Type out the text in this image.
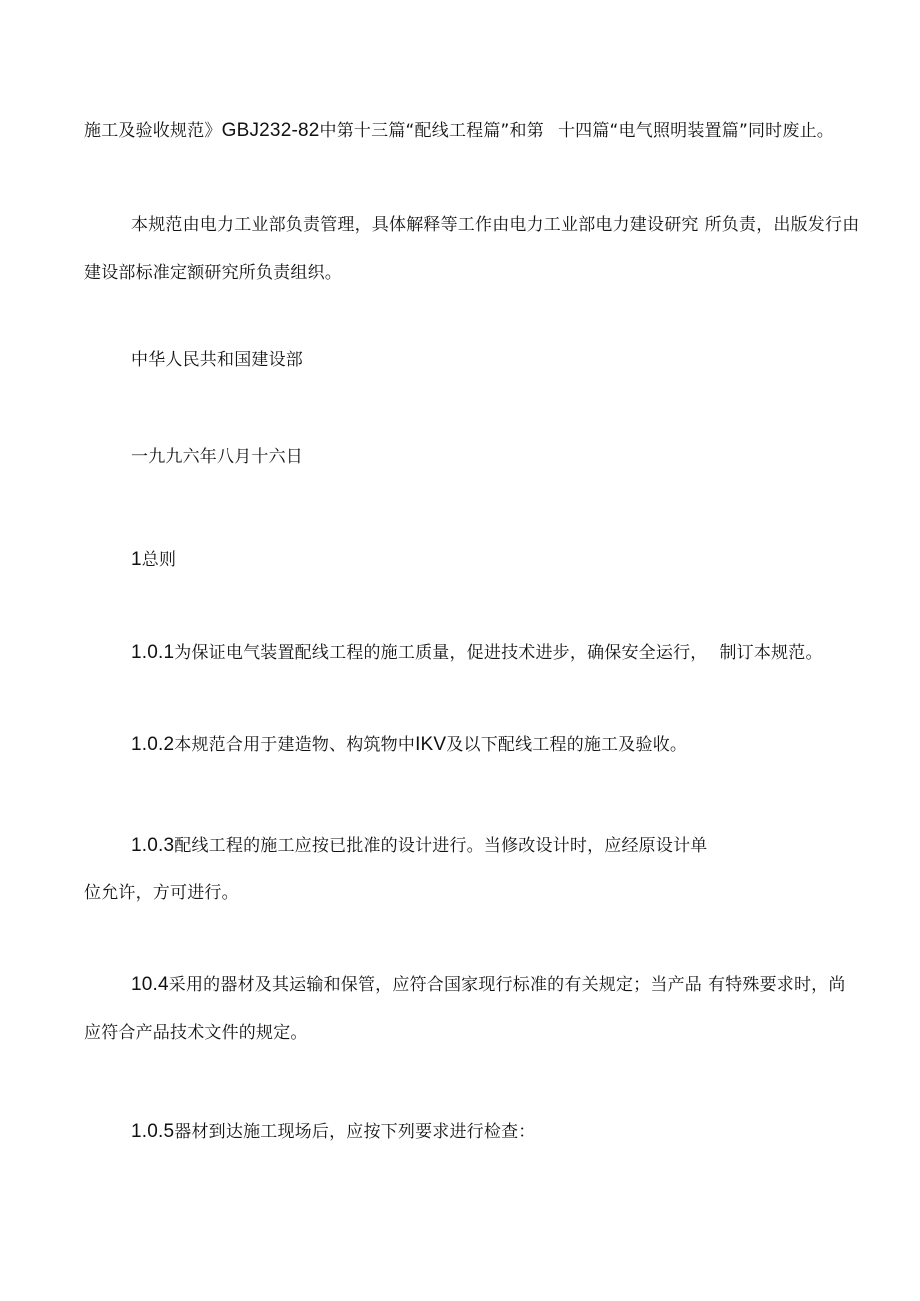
施工及验收规范》GBJ232-82中第十三篇“配线工程篇”和第 十四篇“电气照明装置篇”同时废止。
本规范由电力工业部负责管理，具体解释等工作由电力工业部电力建设研究 所负责，出版发行由
建设部标准定额研究所负责组织。
中华人民共和国建设部
一九九六年八月十六日
1总则
1.0.1为保证电气装置配线工程的施工质量，促进技术进步，确保安全运行， 制订本规范。
1.0.2本规范合用于建造物、构筑物中IKV及以下配线工程的施工及验收。
1.0.3配线工程的施工应按已批准的设计进行。当修改设计时，应经原设计单
位允许，方可进行。
10.4采用的器材及其运输和保管，应符合国家现行标准的有关规定；当产品 有特殊要求时，尚
应符合产品技术文件的规定。
1.0.5器材到达施工现场后，应按下列要求进行检查：
